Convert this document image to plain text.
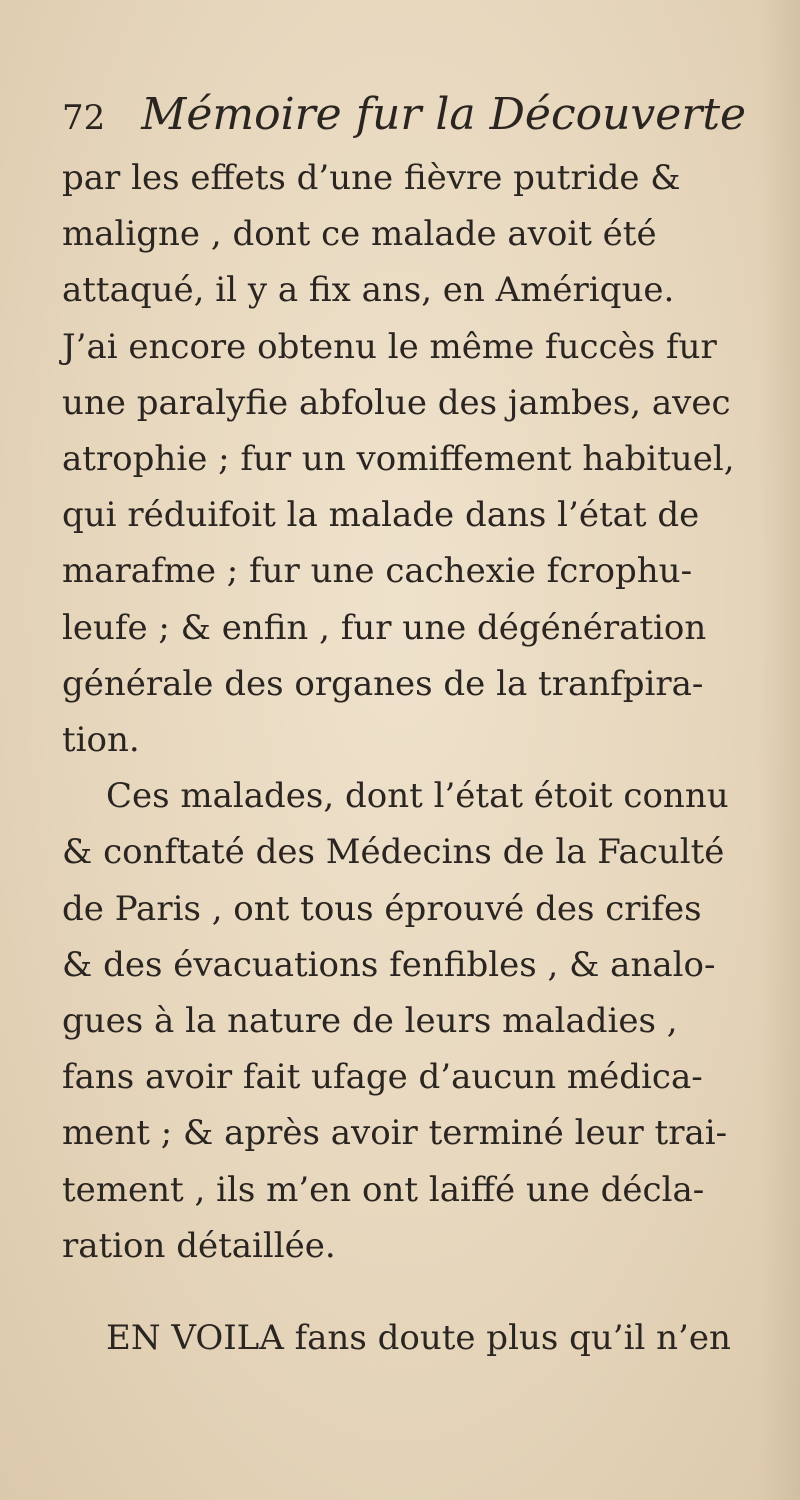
72 Mémoire fur la Découverte
par les effets d’une fièvre putride &
maligne , dont ce malade avoit été
attaqué, il y a fix ans, en Amérique.
J’ai encore obtenu le même fuccès fur
une paralyfie abfolue des jambes, avec
atrophie ; fur un vomiffement habituel,
qui réduifoit la malade dans l’état de
marafme ; fur une cachexie fcrophu-
leufe ; & enfin , fur une dégénération
générale des organes de la tranfpira-
tion.
Ces malades, dont l’état étoit connu
& conftaté des Médecins de la Faculté
de Paris , ont tous éprouvé des crifes
& des évacuations fenfibles , & analo-
gues à la nature de leurs maladies ,
fans avoir fait ufage d’aucun médica-
ment ; & après avoir terminé leur trai-
tement , ils m’en ont laiffé une décla-
ration détaillée.
EN VOILA fans doute plus qu’il n’en
